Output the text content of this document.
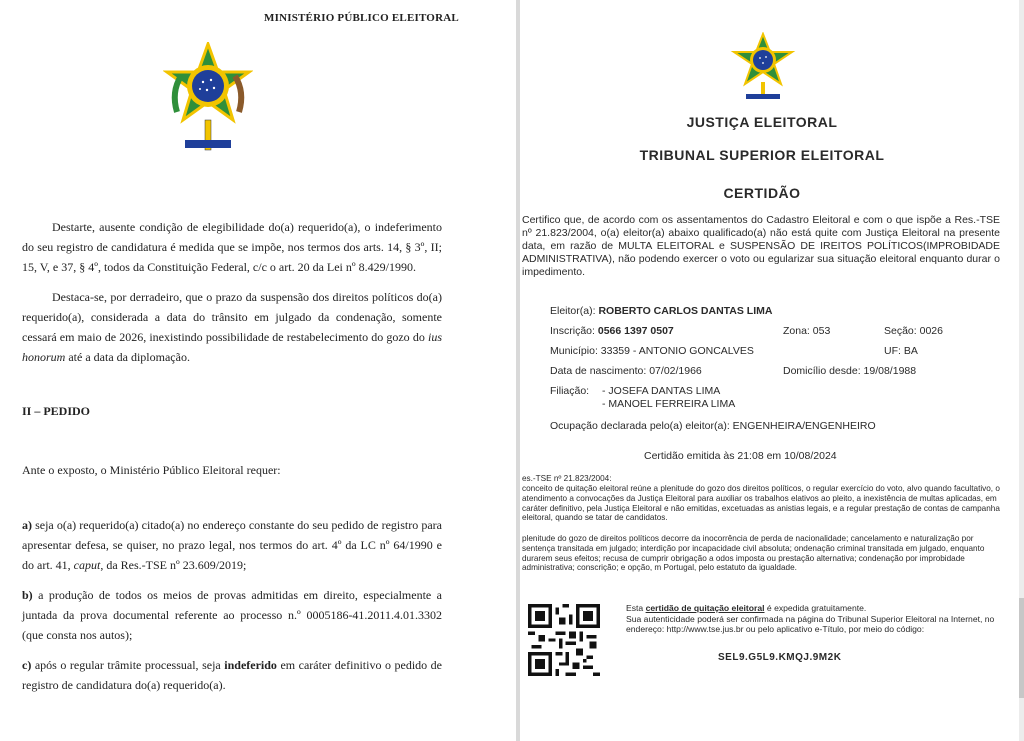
MINISTÉRIO PÚBLICO ELEITORAL

Destarte, ausente condição de elegibilidade do(a) requerido(a), o indeferimento do seu registro de candidatura é medida que se impõe, nos termos dos arts. 14, § 3º, II; 15, V, e 37, § 4º, todos da Constituição Federal, c/c o art. 20 da Lei nº 8.429/1990.

Destaca-se, por derradeiro, que o prazo da suspensão dos direitos políticos do(a) requerido(a), considerada a data do trânsito em julgado da condenação, somente cessará em maio de 2026, inexistindo possibilidade de restabelecimento do gozo do ius honorum até a data da diplomação.

II – PEDIDO

Ante o exposto, o Ministério Público Eleitoral requer:

a) seja o(a) requerido(a) citado(a) no endereço constante do seu pedido de registro para apresentar defesa, se quiser, no prazo legal, nos termos do art. 4º da LC nº 64/1990 e do art. 41, caput, da Res.-TSE nº 23.609/2019;

b) a produção de todos os meios de provas admitidas em direito, especialmente a juntada da prova documental referente ao processo n.º 0005186-41.2011.4.01.3302 (que consta nos autos);

c) após o regular trâmite processual, seja indeferido em caráter definitivo o pedido de registro de candidatura do(a) requerido(a).

JUSTIÇA ELEITORAL
TRIBUNAL SUPERIOR ELEITORAL
CERTIDÃO

Certifico que, de acordo com os assentamentos do Cadastro Eleitoral e com o que ispõe a Res.-TSE nº 21.823/2004, o(a) eleitor(a) abaixo qualificado(a) não está quite com Justiça Eleitoral na presente data, em razão de MULTA ELEITORAL e SUSPENSÃO DE IREITOS POLÍTICOS(IMPROBIDADE ADMINISTRATIVA), não podendo exercer o voto ou egularizar sua situação eleitoral enquanto durar o impedimento.

Eleitor(a): ROBERTO CARLOS DANTAS LIMA
Inscrição: 0566 1397 0507	Zona: 053	Seção: 0026
Município: 33359 - ANTONIO GONCALVES	UF: BA
Data de nascimento: 07/02/1966	Domicílio desde: 19/08/1988
Filiação: - JOSEFA DANTAS LIMA
- MANOEL FERREIRA LIMA
Ocupação declarada pelo(a) eleitor(a): ENGENHEIRA/ENGENHEIRO
Certidão emitida às 21:08 em 10/08/2024
es.-TSE nº 21.823/2004:

conceito de quitação eleitoral reúne a plenitude do gozo dos direitos políticos, o regular exercício do voto, alvo quando facultativo, o atendimento a convocações da Justiça Eleitoral para auxiliar os trabalhos elativos ao pleito, a inexistência de multas aplicadas, em caráter definitivo, pela Justiça Eleitoral e não emitidas, excetuadas as anistias legais, e a regular prestação de contas de campanha eleitoral, quando se tatar de candidatos.

plenitude do gozo de direitos políticos decorre da inocorrência de perda de nacionalidade; cancelamento e naturalização por sentença transitada em julgado; interdição por incapacidade civil absoluta; ondenação criminal transitada em julgado, enquanto durarem seus efeitos; recusa de cumprir obrigação a odos imposta ou prestação alternativa; condenação por improbidade administrativa; conscrição; e opção, m Portugal, pelo estatuto da igualdade.

Esta certidão de quitação eleitoral é expedida gratuitamente.
Sua autenticidade poderá ser confirmada na página do Tribunal Superior Eleitoral na Internet, no endereço: http://www.tse.jus.br ou pelo aplicativo e-Título, por meio do código:

SEL9.G5L9.KMQJ.9M2K
